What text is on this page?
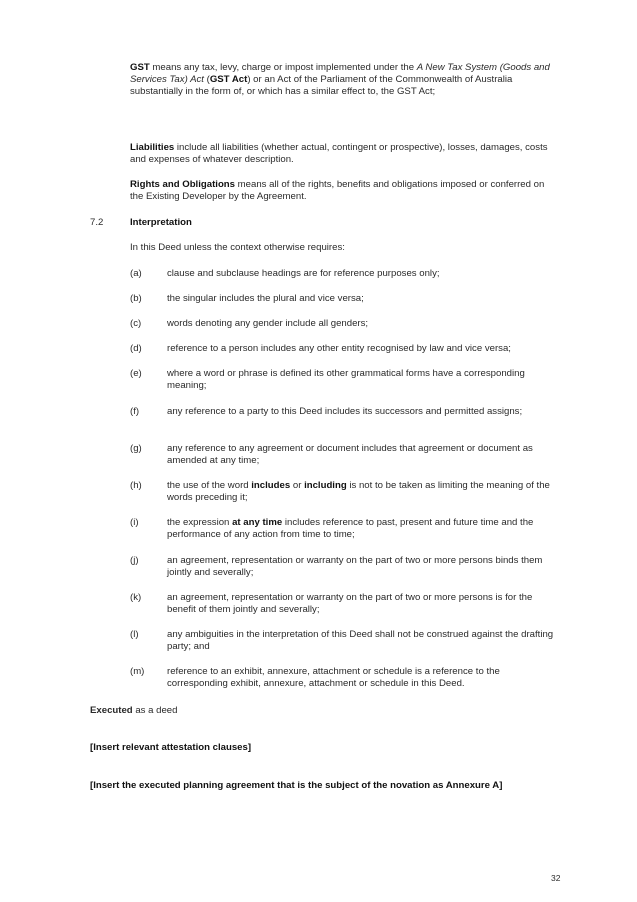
GST means any tax, levy, charge or impost implemented under the A New Tax System (Goods and Services Tax) Act (GST Act) or an Act of the Parliament of the Commonwealth of Australia substantially in the form of, or which has a similar effect to, the GST Act;
Liabilities include all liabilities (whether actual, contingent or prospective), losses, damages, costs and expenses of whatever description.
Rights and Obligations means all of the rights, benefits and obligations imposed or conferred on the Existing Developer by the Agreement.
7.2	Interpretation
In this Deed unless the context otherwise requires:
(a)	clause and subclause headings are for reference purposes only;
(b)	the singular includes the plural and vice versa;
(c)	words denoting any gender include all genders;
(d)	reference to a person includes any other entity recognised by law and vice versa;
(e)	where a word or phrase is defined its other grammatical forms have a corresponding meaning;
(f)	any reference to a party to this Deed includes its successors and permitted assigns;
(g)	any reference to any agreement or document includes that agreement or document as amended at any time;
(h)	the use of the word includes or including is not to be taken as limiting the meaning of the words preceding it;
(i)	the expression at any time includes reference to past, present and future time and the performance of any action from time to time;
(j)	an agreement, representation or warranty on the part of two or more persons binds them jointly and severally;
(k)	an agreement, representation or warranty on the part of two or more persons is for the benefit of them jointly and severally;
(l)	any ambiguities in the interpretation of this Deed shall not be construed against the drafting party; and
(m) reference to an exhibit, annexure, attachment or schedule is a reference to the corresponding exhibit, annexure, attachment or schedule in this Deed.
Executed as a deed
[Insert relevant attestation clauses]
[Insert the executed planning agreement that is the subject of the novation as Annexure A]
32
